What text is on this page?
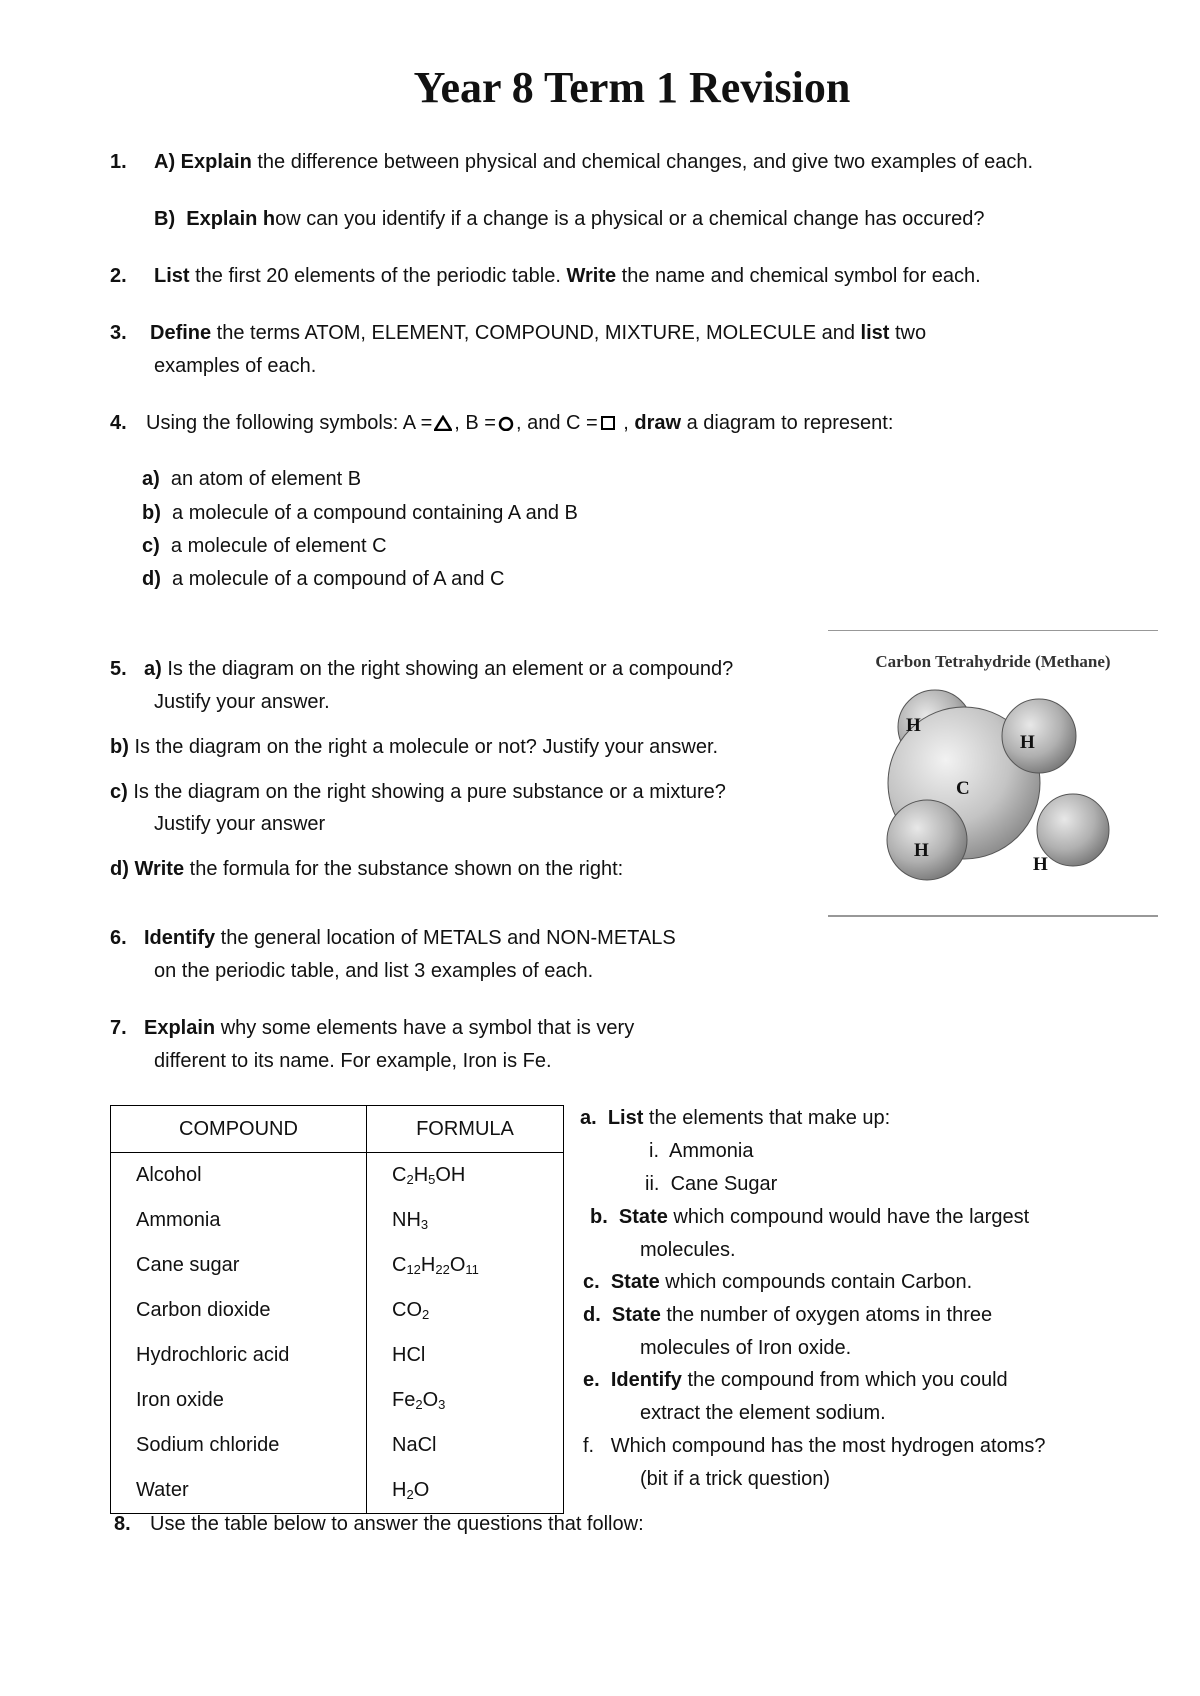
Year 8 Term 1 Revision
1. A) Explain the difference between physical and chemical changes, and give two examples of each.
B) Explain how can you identify if a change is a physical or a chemical change has occured?
2. List the first 20 elements of the periodic table. Write the name and chemical symbol for each.
3. Define the terms ATOM, ELEMENT, COMPOUND, MIXTURE, MOLECULE and list two
examples of each.
4. Using the following symbols: A = , B = , and C = , draw a diagram to represent:
a) an atom of element B
b) a molecule of a compound containing A and B
c) a molecule of element C
d) a molecule of a compound of A and C
5. a) Is the diagram on the right showing an element or a compound?
Justify your answer.
b) Is the diagram on the right a molecule or not? Justify your answer.
c) Is the diagram on the right showing a pure substance or a mixture?
Justify your answer
d) Write the formula for the substance shown on the right:
Carbon Tetrahydride (Methane)
H
H
C
H
H
6. Identify the general location of METALS and NON-METALS
on the periodic table, and list 3 examples of each.
7. Explain why some elements have a symbol that is very
different to its name. For example, Iron is Fe.
COMPOUND	FORMULA
Alcohol	$C_2H_5OH$
Ammonia	$NH_3$
Cane sugar	$C_{12}H_{22}O_{11}$
Carbon dioxide	$CO_2$
Hydrochloric acid	HCl
Iron oxide	$Fe_2O_3$
Sodium chloride	NaCl
Water	$H_2O$
a. List the elements that make up:
i. Ammonia
ii. Cane Sugar
b. State which compound would have the largest
molecules.
c. State which compounds contain Carbon.
d. State the number of oxygen atoms in three
molecules of Iron oxide.
e. Identify the compound from which you could
extract the element sodium.
f. Which compound has the most hydrogen atoms?
(bit if a trick question)
8. Use the table below to answer the questions that follow:
